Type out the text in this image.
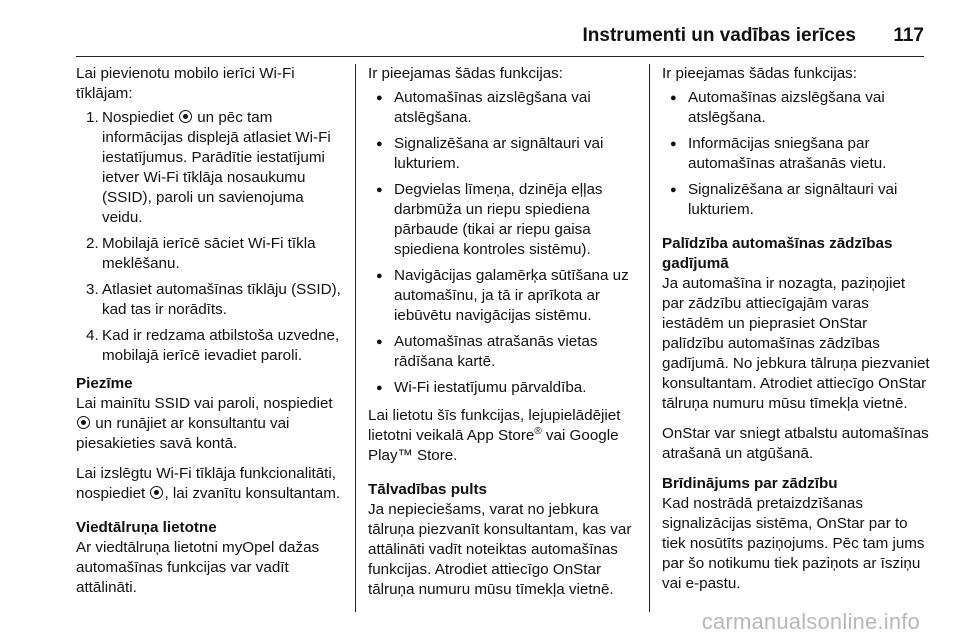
Instrumenti un vadības ierīces 117

Lai pievienotu mobilo ierīci Wi-Fi tīklājam:

1. Nospiediet un pēc tam informācijas displejā atlasiet Wi-Fi iestatījumus. Parādītie iestatījumi ietver Wi-Fi tīklāja nosaukumu (SSID), paroli un savienojuma veidu.
2. Mobilajā ierīcē sāciet Wi-Fi tīkla meklēšanu.
3. Atlasiet automašīnas tīklāju (SSID), kad tas ir norādīts.
4. Kad ir redzama atbilstoša uzvedne, mobilajā ierīcē ievadiet paroli.

Piezīme

Lai mainītu SSID vai paroli, nospiediet  un runājiet ar konsultantu vai piesakieties savā kontā.

Lai izslēgtu Wi-Fi tīklāja funkcionalitāti, nospiediet , lai zvanītu konsultantam.

Viedtālruņa lietotne

Ar viedtālruņa lietotni myOpel dažas automašīnas funkcijas var vadīt attālināti.

Ir pieejamas šādas funkcijas:

● Automašīnas aizslēgšana vai atslēgšana.
● Signalizēšana ar signāltauri vai lukturiem.
● Degvielas līmeņa, dzinēja eļļas darbmūža un riepu spiediena pārbaude (tikai ar riepu gaisa spiediena kontroles sistēmu).
● Navigācijas galamērķa sūtīšana uz automašīnu, ja tā ir aprīkota ar iebūvētu navigācijas sistēmu.
● Automašīnas atrašanās vietas rādīšana kartē.
● Wi-Fi iestatījumu pārvaldība.

Lai lietotu šīs funkcijas, lejupielādējiet lietotni veikalā App Store® vai Google Play™ Store.

Tālvadības pults

Ja nepieciešams, varat no jebkura tālruņa piezvanīt konsultantam, kas var attālināti vadīt noteiktas automašīnas funkcijas. Atrodiet attiecīgo OnStar tālruņa numuru mūsu tīmekļa vietnē.

Ir pieejamas šādas funkcijas:

● Automašīnas aizslēgšana vai atslēgšana.
● Informācijas sniegšana par automašīnas atrašanās vietu.
● Signalizēšana ar signāltauri vai lukturiem.

Palīdzība automašīnas zādzības gadījumā

Ja automašīna ir nozagta, paziņojiet par zādzību attiecīgajām varas iestādēm un pieprasiet OnStar palīdzību automašīnas zādzības gadījumā. No jebkura tālruņa piezvaniet konsultantam. Atrodiet attiecīgo OnStar tālruņa numuru mūsu tīmekļa vietnē.

OnStar var sniegt atbalstu automašīnas atrašanā un atgūšanā.

Brīdinājums par zādzību

Kad nostrādā pretaizdzīšanas signalizācijas sistēma, OnStar par to tiek nosūtīts paziņojums. Pēc tam jums par šo notikumu tiek paziņots ar īsziņu vai e-pastu.

carmanualsonline.info
